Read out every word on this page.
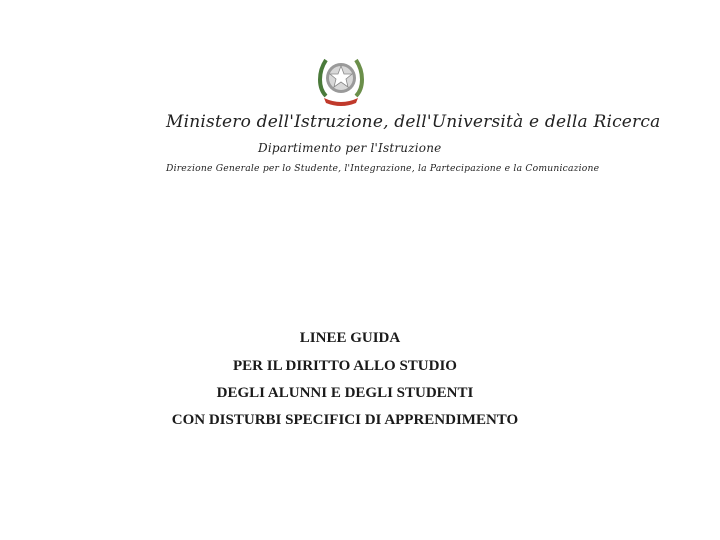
Ministero dell'Istruzione, dell'Università e della Ricerca
Dipartimento per l'Istruzione
Direzione Generale per lo Studente, l'Integrazione, la Partecipazione e la Comunicazione
LINEE GUIDA
PER IL DIRITTO ALLO STUDIO
DEGLI ALUNNI E DEGLI STUDENTI
CON DISTURBI SPECIFICI DI APPRENDIMENTO
